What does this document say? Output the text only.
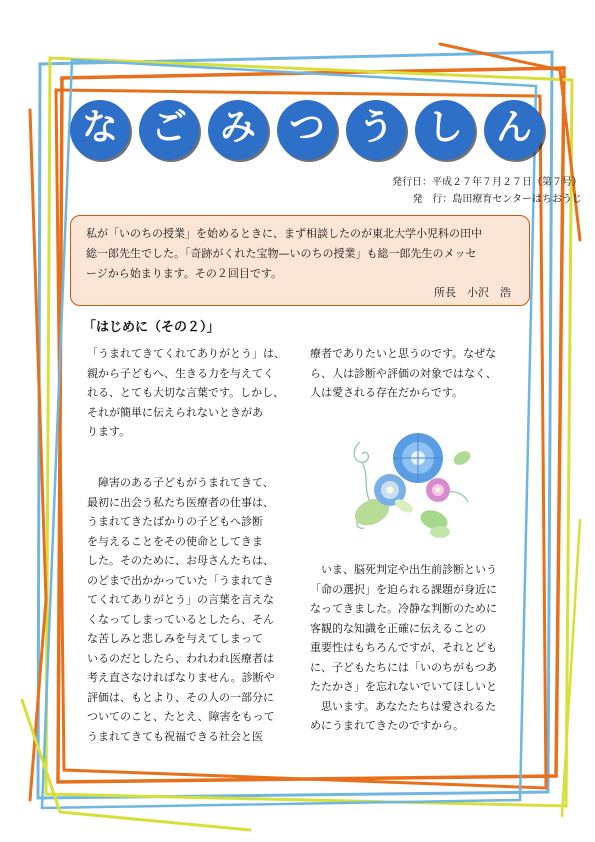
な ご み つ う し ん
発行日：平成２７年７月２７日（第７号）
発　行：島田療育センターはちおうじ
私が「いのちの授業」を始めるときに、まず相談したのが東北大学小児科の田中
総一郎先生でした。「奇跡がくれた宝物—いのちの授業」も総一郎先生のメッセ
ージから始まります。その２回目です。
所長　小沢　浩
「はじめに（その２）」

「うまれてきてくれてありがとう」は、

親から子どもへ、生きる力を与えてく

れる、とても大切な言葉です。しかし、

それが簡単に伝えられないときがあ

ります。

　障害のある子どもがうまれてきて、

最初に出会う私たち医療者の仕事は、

うまれてきたばかりの子どもへ診断

を与えることをその使命としてきま

した。そのために、お母さんたちは、

のどまで出かかっていた「うまれてき

てくれてありがとう」の言葉を言えな

くなってしまっているとしたら、そん

な苦しみと悲しみを与えてしまって

いるのだとしたら、われわれ医療者は

考え直さなければなりません。診断や

評価は、もとより、その人の一部分に

ついてのこと、たとえ、障害をもって

うまれてきても祝福できる社会と医

療者でありたいと思うのです。なぜな

ら、人は診断や評価の対象ではなく、

人は愛される存在だからです。

　いま、脳死判定や出生前診断という

「命の選択」を迫られる課題が身近に

なってきました。冷静な判断のために

客観的な知識を正確に伝えることの

重要性はもちろんですが、それとども

に、子どもたちには「いのちがもつあ

たたかさ」を忘れないでいてほしいと

　思います。あなたたちは愛されるた

めにうまれてきたのですから。
